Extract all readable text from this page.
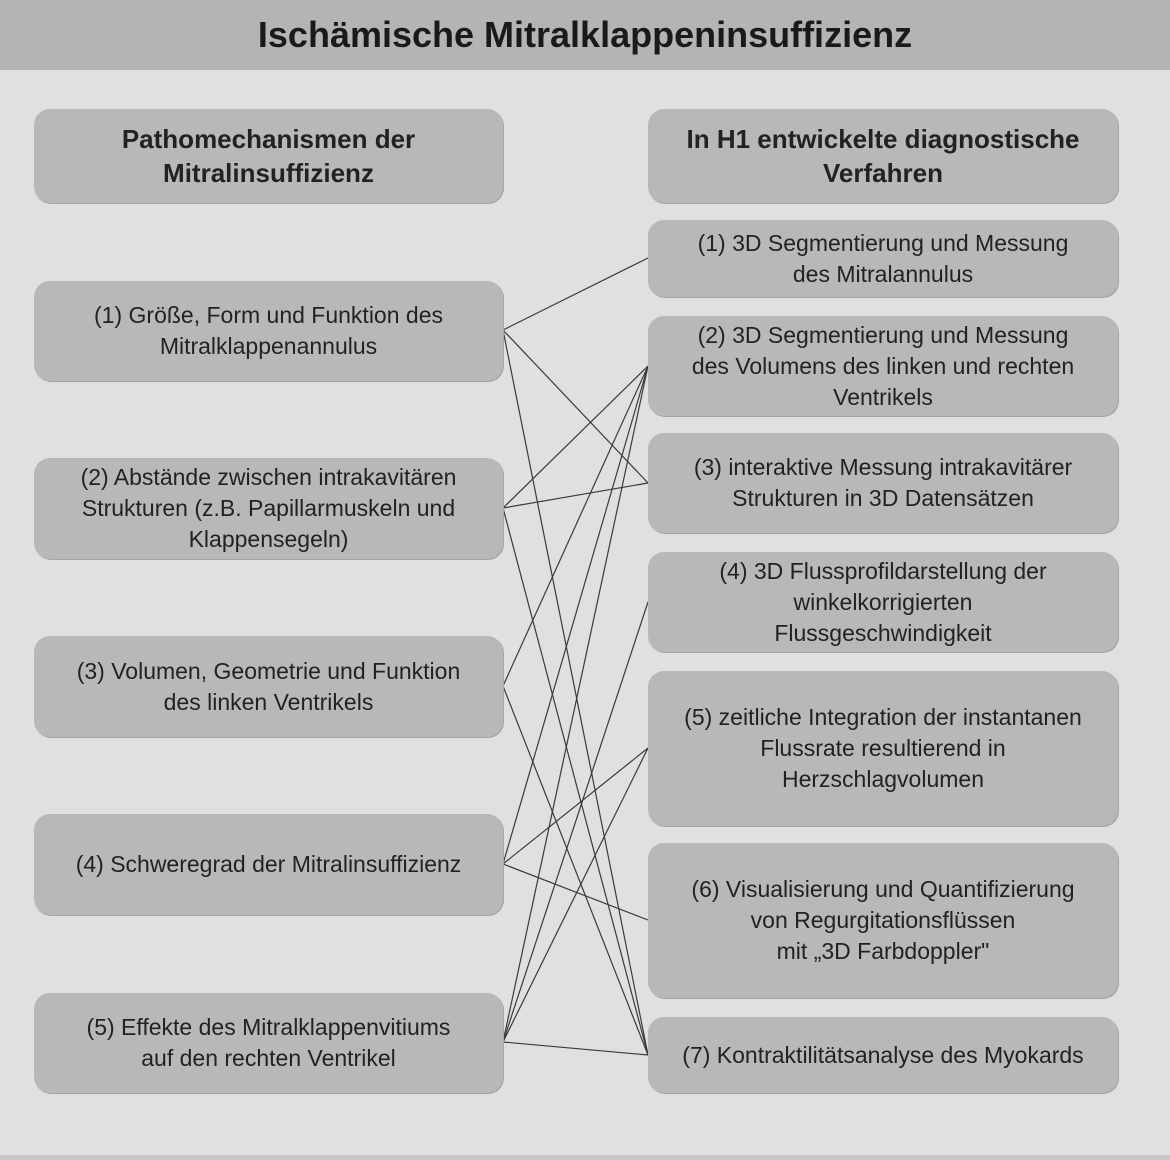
Ischämische Mitralklappeninsuffizienz
Pathomechanismen der
Mitralinsuffizienz
In H1 entwickelte diagnostische
Verfahren
(1) Größe, Form und Funktion des
Mitralklappenannulus
(2) Abstände zwischen intrakavitären
Strukturen (z.B. Papillarmuskeln und
Klappensegeln)
(3) Volumen, Geometrie und Funktion
des linken Ventrikels
(4) Schweregrad der Mitralinsuffizienz
(5) Effekte des Mitralklappenvitiums
auf den rechten Ventrikel
(1) 3D Segmentierung und Messung
des Mitralannulus
(2) 3D Segmentierung und Messung
des Volumens des linken und rechten
Ventrikels
(3) interaktive Messung intrakavitärer
Strukturen in 3D Datensätzen
(4) 3D Flussprofildarstellung der
winkelkorrigierten
Flussgeschwindigkeit
(5) zeitliche Integration der instantanen
Flussrate resultierend in
Herzschlagvolumen
(6) Visualisierung und Quantifizierung
von Regurgitationsflüssen
mit „3D Farbdoppler"
(7) Kontraktilitätsanalyse des Myokards
